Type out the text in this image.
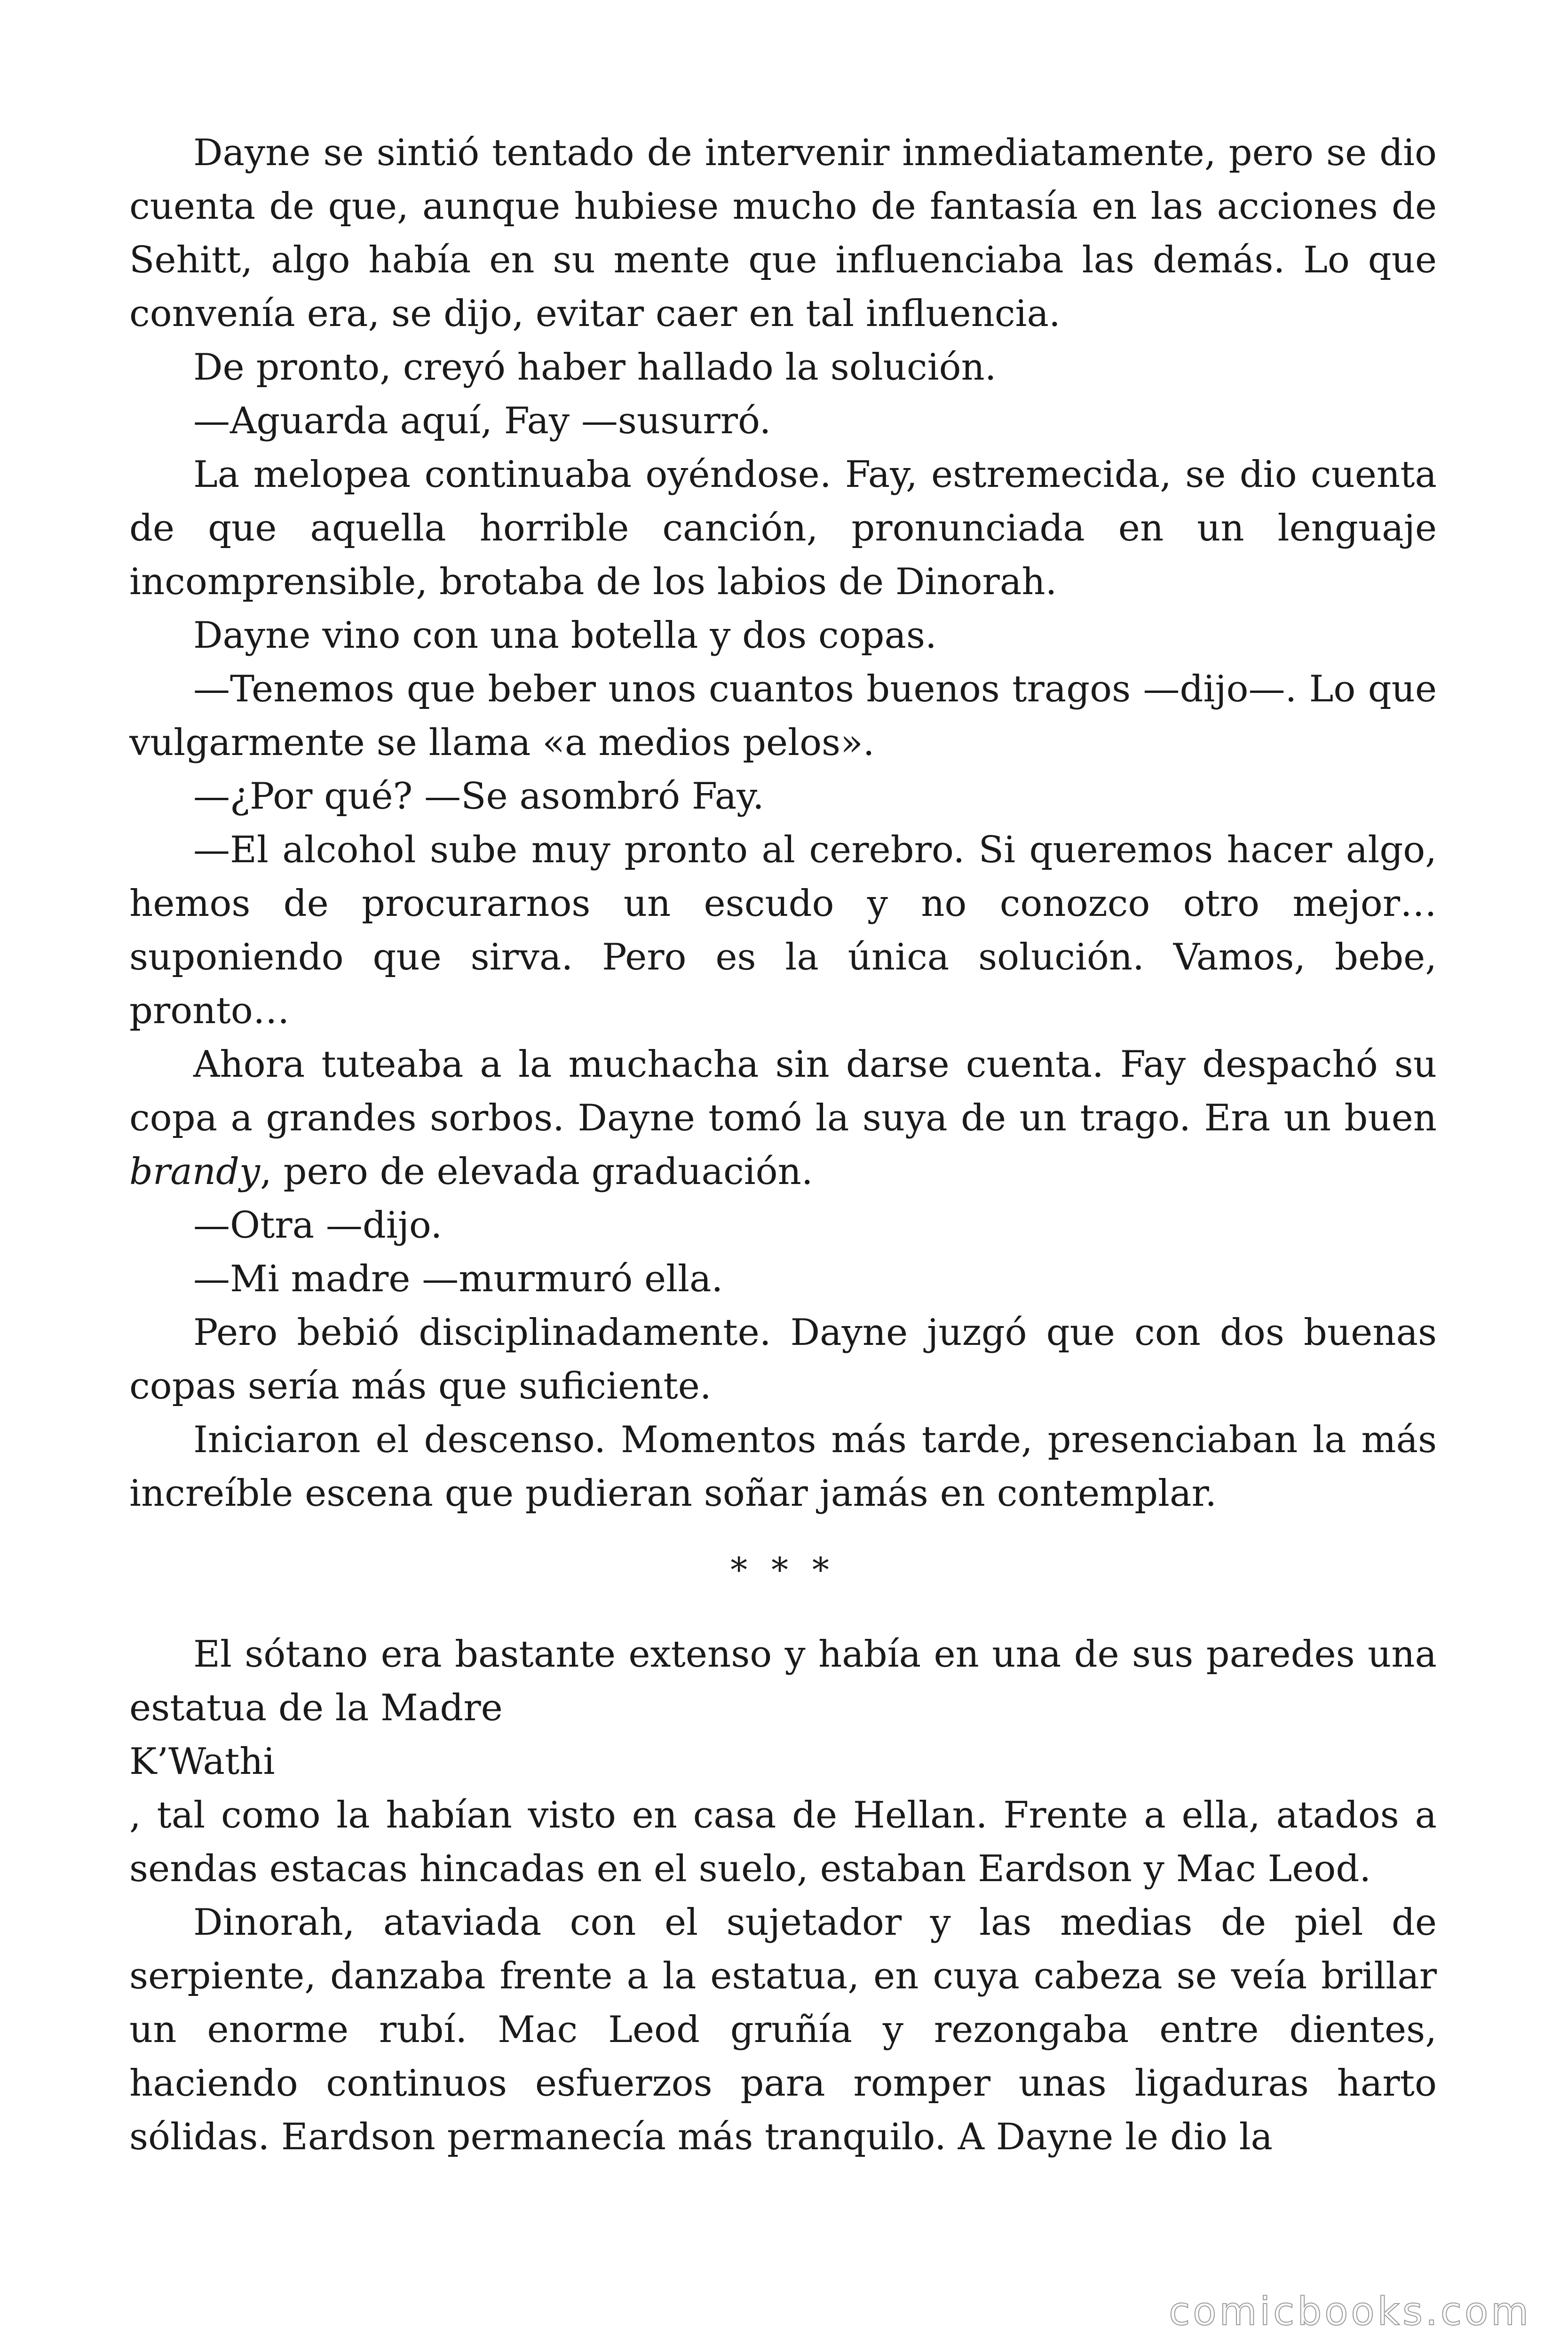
Dayne se sintió tentado de intervenir inmediatamente, pero se dio cuenta de que, aunque hubiese mucho de fantasía en las acciones de Sehitt, algo había en su mente que influenciaba las demás. Lo que convenía era, se dijo, evitar caer en tal influencia.

De pronto, creyó haber hallado la solución.

—Aguarda aquí, Fay —susurró.

La melopea continuaba oyéndose. Fay, estremecida, se dio cuenta de que aquella horrible canción, pronunciada en un lenguaje incomprensible, brotaba de los labios de Dinorah.

Dayne vino con una botella y dos copas.

—Tenemos que beber unos cuantos buenos tragos —dijo—. Lo que vulgarmente se llama «a medios pelos».

—¿Por qué? —Se asombró Fay.

—El alcohol sube muy pronto al cerebro. Si queremos hacer algo, hemos de procurarnos un escudo y no conozco otro mejor… suponiendo que sirva. Pero es la única solución. Vamos, bebe, pronto…

Ahora tuteaba a la muchacha sin darse cuenta. Fay despachó su copa a grandes sorbos. Dayne tomó la suya de un trago. Era un buen brandy, pero de elevada graduación.

—Otra —dijo.

—Mi madre —murmuró ella.

Pero bebió disciplinadamente. Dayne juzgó que con dos buenas copas sería más que suficiente.

Iniciaron el descenso. Momentos más tarde, presenciaban la más increíble escena que pudieran soñar jamás en contemplar.

* * *

El sótano era bastante extenso y había en una de sus paredes una estatua de la Madre

K’Wathi

, tal como la habían visto en casa de Hellan. Frente a ella, atados a sendas estacas hincadas en el suelo, estaban Eardson y Mac Leod.

Dinorah, ataviada con el sujetador y las medias de piel de serpiente, danzaba frente a la estatua, en cuya cabeza se veía brillar un enorme rubí. Mac Leod gruñía y rezongaba entre dientes, haciendo continuos esfuerzos para romper unas ligaduras harto sólidas. Eardson permanecía más tranquilo. A Dayne le dio la

comicbooks.com
